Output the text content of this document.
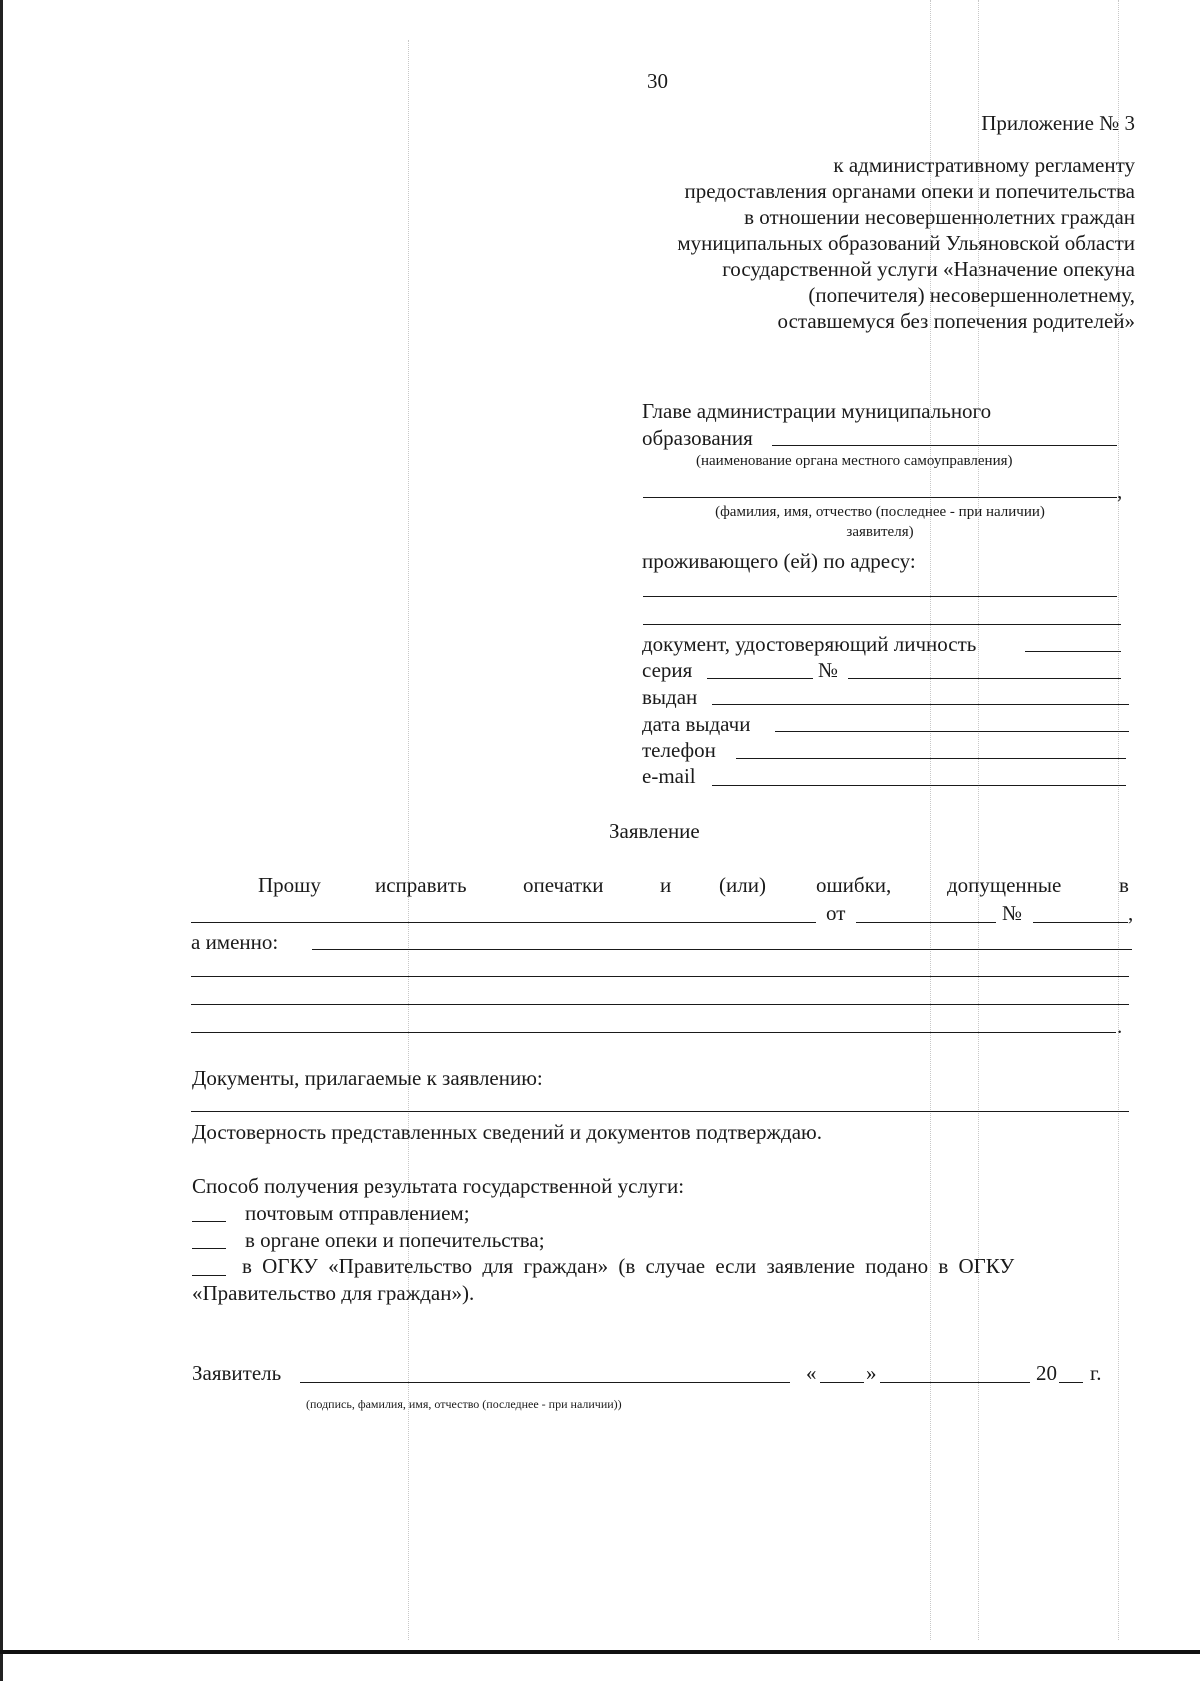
30
Приложение № 3
к административному регламенту
предоставления органами опеки и попечительства
в отношении несовершеннолетних граждан
муниципальных образований Ульяновской области
государственной услуги «Назначение опекуна
(попечителя) несовершеннолетнему,
оставшемуся без попечения родителей»
Главе администрации муниципального
образования
(наименование органа местного самоуправления)
,
(фамилия, имя, отчество (последнее - при наличии)
заявителя)
проживающего (ей) по адресу:
документ, удостоверяющий личность
серия	№
выдан
дата выдачи
телефон
e-mail
Заявление
Прошу	исправить	опечатки	и (или) ошибки,	допущенные	в
от	№	,
а именно:
.
Документы, прилагаемые к заявлению:
Достоверность представленных сведений и документов подтверждаю.
Способ получения результата государственной услуги:
почтовым отправлением;
в органе опеки и попечительства;
в ОГКУ «Правительство для граждан» (в случае если заявление подано в ОГКУ
«Правительство для граждан»).
Заявитель	« »	20 г.
(подпись, фамилия, имя, отчество (последнее - при наличии))
